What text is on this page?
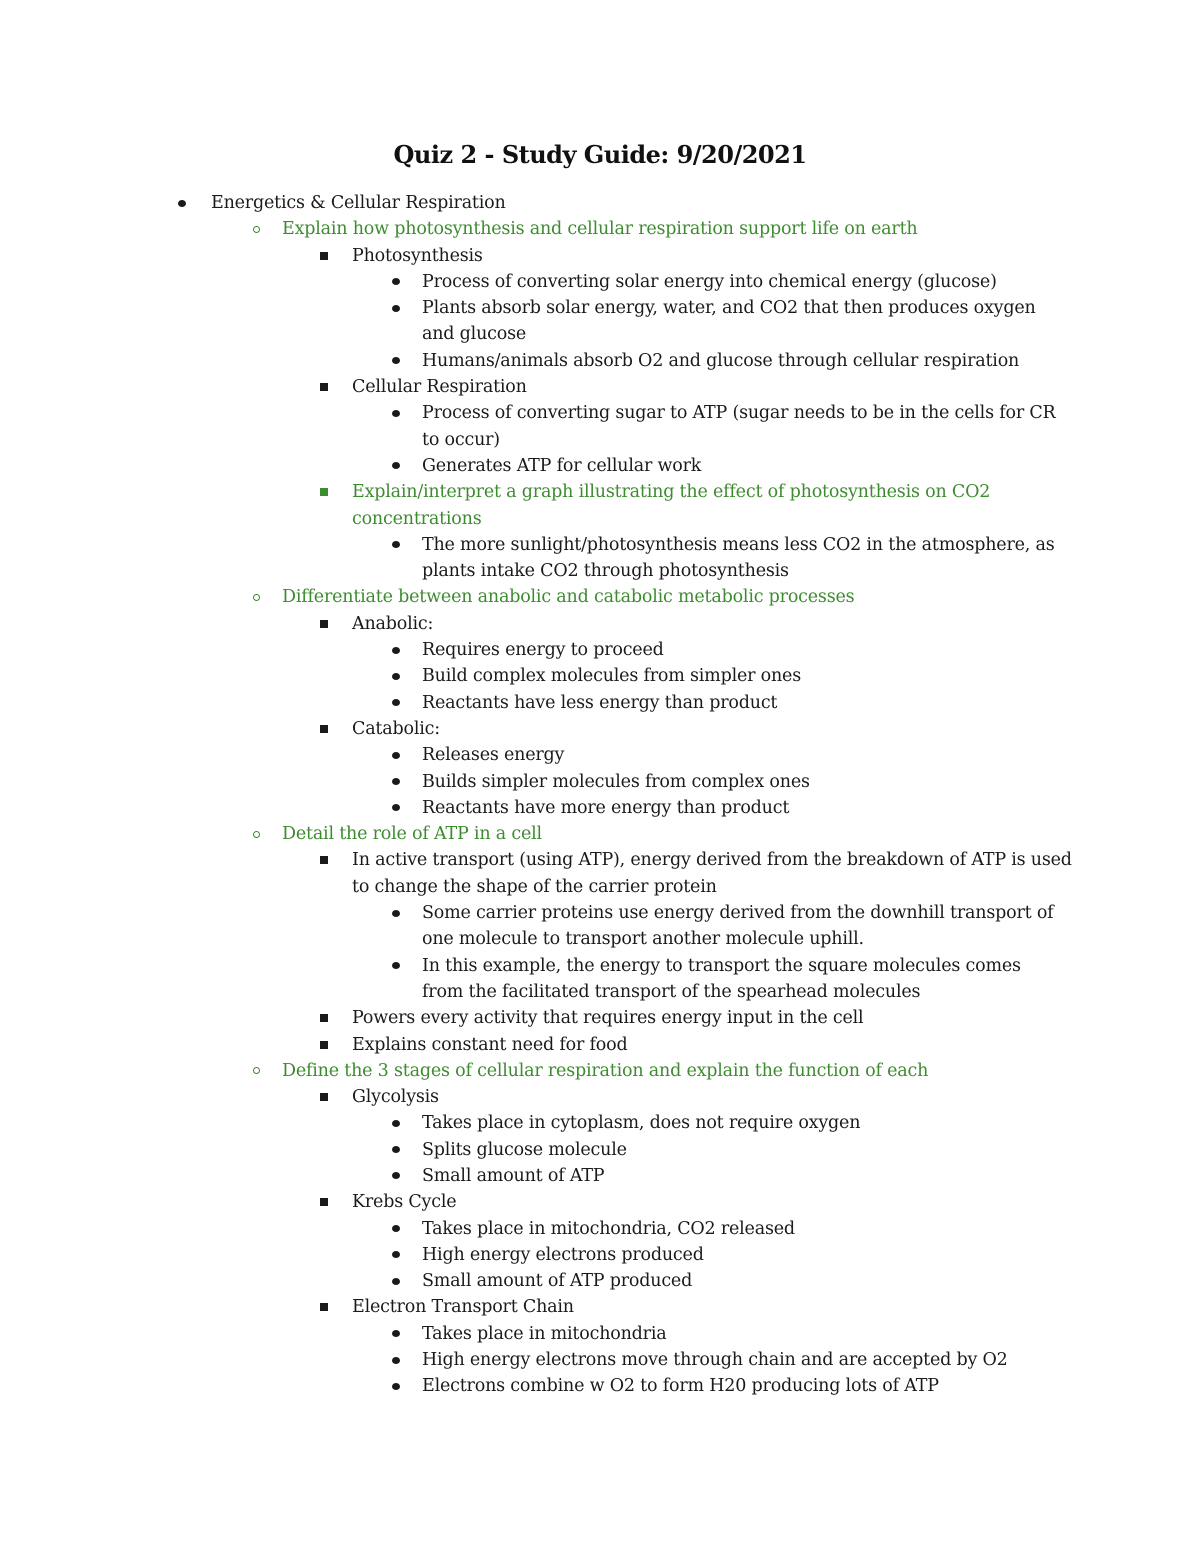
Quiz 2 - Study Guide: 9/20/2021
Energetics & Cellular Respiration
Explain how photosynthesis and cellular respiration support life on earth
Photosynthesis
Process of converting solar energy into chemical energy (glucose)
Plants absorb solar energy, water, and CO2 that then produces oxygen and glucose
Humans/animals absorb O2 and glucose through cellular respiration
Cellular Respiration
Process of converting sugar to ATP (sugar needs to be in the cells for CR to occur)
Generates ATP for cellular work
Explain/interpret a graph illustrating the effect of photosynthesis on CO2 concentrations
The more sunlight/photosynthesis means less CO2 in the atmosphere, as plants intake CO2 through photosynthesis
Differentiate between anabolic and catabolic metabolic processes
Anabolic:
Requires energy to proceed
Build complex molecules from simpler ones
Reactants have less energy than product
Catabolic:
Releases energy
Builds simpler molecules from complex ones
Reactants have more energy than product
Detail the role of ATP in a cell
In active transport (using ATP), energy derived from the breakdown of ATP is used to change the shape of the carrier protein
Some carrier proteins use energy derived from the downhill transport of one molecule to transport another molecule uphill.
In this example, the energy to transport the square molecules comes from the facilitated transport of the spearhead molecules
Powers every activity that requires energy input in the cell
Explains constant need for food
Define the 3 stages of cellular respiration and explain the function of each
Glycolysis
Takes place in cytoplasm, does not require oxygen
Splits glucose molecule
Small amount of ATP
Krebs Cycle
Takes place in mitochondria, CO2 released
High energy electrons produced
Small amount of ATP produced
Electron Transport Chain
Takes place in mitochondria
High energy electrons move through chain and are accepted by O2
Electrons combine w O2 to form H20 producing lots of ATP
